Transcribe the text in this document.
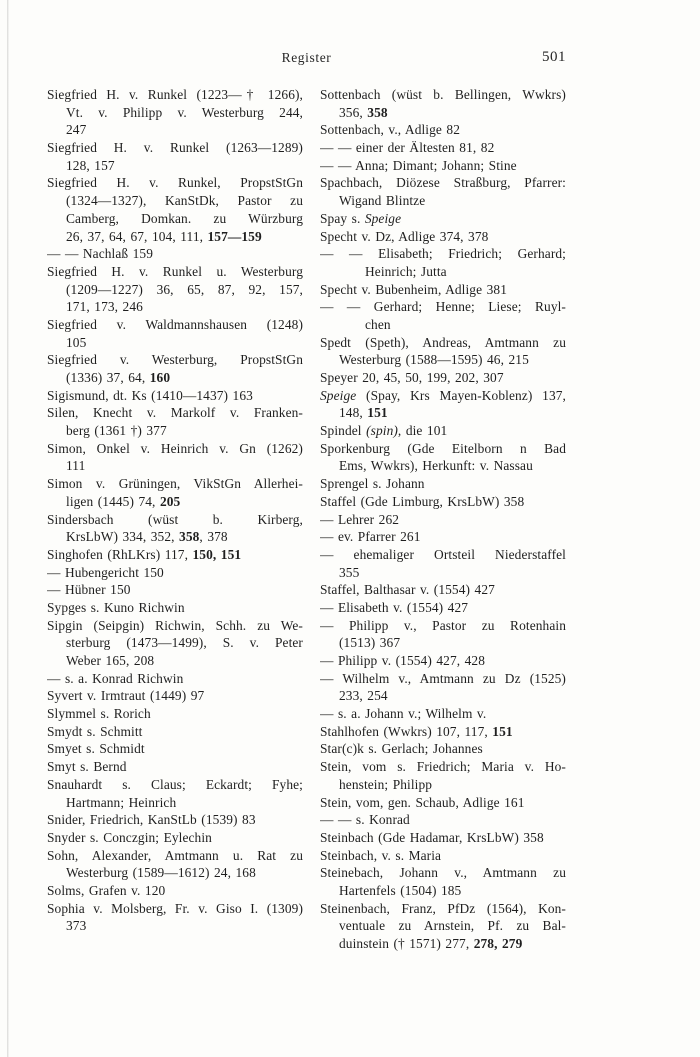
Register	501
Siegfried H. v. Runkel (1223—† 1266),
Vt. v. Philipp v. Westerburg 244,
247
Siegfried H. v. Runkel (1263—1289)
128, 157
Siegfried H. v. Runkel, PropstStGn
(1324—1327), KanStDk, Pastor zu
Camberg, Domkan. zu Würzburg
26, 37, 64, 67, 104, 111, 157—159
— — Nachlaß 159
Siegfried H. v. Runkel u. Westerburg
(1209—1227) 36, 65, 87, 92, 157,
171, 173, 246
Siegfried v. Waldmannshausen (1248)
105
Siegfried v. Westerburg, PropstStGn
(1336) 37, 64, 160
Sigismund, dt. Ks (1410—1437) 163
Silen, Knecht v. Markolf v. Franken-
berg (1361 †) 377
Simon, Onkel v. Heinrich v. Gn (1262)
111
Simon v. Grüningen, VikStGn Allerhei-
ligen (1445) 74, 205
Sindersbach (wüst b. Kirberg,
KrsLbW) 334, 352, 358, 378
Singhofen (RhLKrs) 117, 150, 151
— Hubengericht 150
— Hübner 150
Sypges s. Kuno Richwin
Sipgin (Seipgin) Richwin, Schh. zu We-
sterburg (1473—1499), S. v. Peter
Weber 165, 208
— s. a. Konrad Richwin
Syvert v. Irmtraut (1449) 97
Slymmel s. Rorich
Smydt s. Schmitt
Smyet s. Schmidt
Smyt s. Bernd
Snauhardt s. Claus; Eckardt; Fyhe;
Hartmann; Heinrich
Snider, Friedrich, KanStLb (1539) 83
Snyder s. Conczgin; Eylechin
Sohn, Alexander, Amtmann u. Rat zu
Westerburg (1589—1612) 24, 168
Solms, Grafen v. 120
Sophia v. Molsberg, Fr. v. Giso I. (1309)
373
Sottenbach (wüst b. Bellingen, Wwkrs)
356, 358
Sottenbach, v., Adlige 82
— — einer der Ältesten 81, 82
— — Anna; Dimant; Johann; Stine
Spachbach, Diözese Straßburg, Pfarrer:
Wigand Blintze
Spay s. Speige
Specht v. Dz, Adlige 374, 378
— — Elisabeth; Friedrich; Gerhard;
Heinrich; Jutta
Specht v. Bubenheim, Adlige 381
— — Gerhard; Henne; Liese; Ruyl-
chen
Spedt (Speth), Andreas, Amtmann zu
Westerburg (1588—1595) 46, 215
Speyer 20, 45, 50, 199, 202, 307
Speige (Spay, Krs Mayen-Koblenz) 137,
148, 151
Spindel (spin), die 101
Sporkenburg (Gde Eitelborn n Bad
Ems, Wwkrs), Herkunft: v. Nassau
Sprengel s. Johann
Staffel (Gde Limburg, KrsLbW) 358
— Lehrer 262
— ev. Pfarrer 261
— ehemaliger Ortsteil Niederstaffel
355
Staffel, Balthasar v. (1554) 427
— Elisabeth v. (1554) 427
— Philipp v., Pastor zu Rotenhain
(1513) 367
— Philipp v. (1554) 427, 428
— Wilhelm v., Amtmann zu Dz (1525)
233, 254
— s. a. Johann v.; Wilhelm v.
Stahlhofen (Wwkrs) 107, 117, 151
Star(c)k s. Gerlach; Johannes
Stein, vom s. Friedrich; Maria v. Ho-
henstein; Philipp
Stein, vom, gen. Schaub, Adlige 161
— — s. Konrad
Steinbach (Gde Hadamar, KrsLbW) 358
Steinbach, v. s. Maria
Steinebach, Johann v., Amtmann zu
Hartenfels (1504) 185
Steinenbach, Franz, PfDz (1564), Kon-
ventuale zu Arnstein, Pf. zu Bal-
duinstein († 1571) 277, 278, 279
